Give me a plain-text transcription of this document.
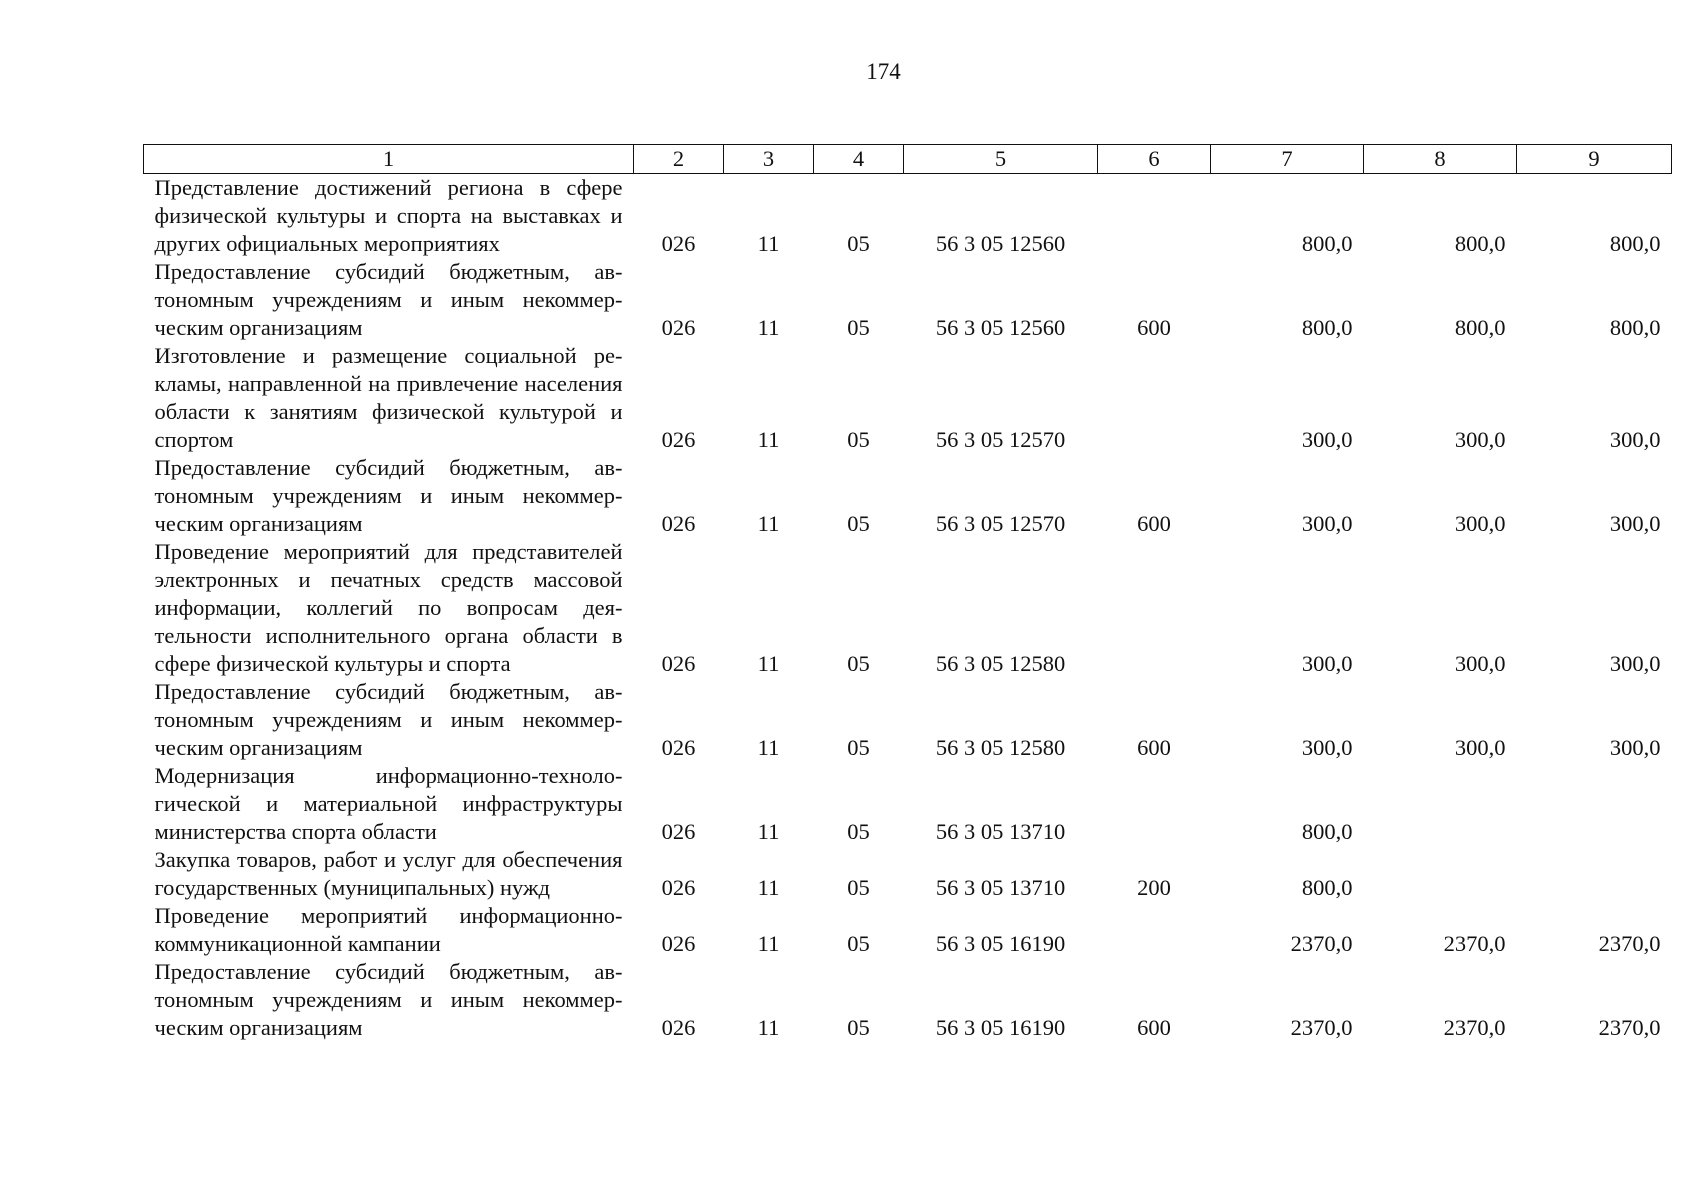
174
1	2	3	4	5	6	7	8	9
Представление достижений региона в сфере физической культуры и спорта на выставках и других официальных мероприятиях	026	11	05	56 3 05 12560		800,0	800,0	800,0
Предоставление субсидий бюджетным, автономным учреждениям и иным некоммерческим организациям	026	11	05	56 3 05 12560	600	800,0	800,0	800,0
Изготовление и размещение социальной рекламы, направленной на привлечение населения области к занятиям физической культурой и спортом	026	11	05	56 3 05 12570		300,0	300,0	300,0
Предоставление субсидий бюджетным, автономным учреждениям и иным некоммерческим организациям	026	11	05	56 3 05 12570	600	300,0	300,0	300,0
Проведение мероприятий для представителей электронных и печатных средств массовой информации, коллегий по вопросам деятельности исполнительного органа области в сфере физической культуры и спорта	026	11	05	56 3 05 12580		300,0	300,0	300,0
Предоставление субсидий бюджетным, автономным учреждениям и иным некоммерческим организациям	026	11	05	56 3 05 12580	600	300,0	300,0	300,0
Модернизация информационно-технологической и материальной инфраструктуры министерства спорта области	026	11	05	56 3 05 13710		800,0		
Закупка товаров, работ и услуг для обеспечения государственных (муниципальных) нужд	026	11	05	56 3 05 13710	200	800,0		
Проведение мероприятий информационно-коммуникационной кампании	026	11	05	56 3 05 16190		2370,0	2370,0	2370,0
Предоставление субсидий бюджетным, автономным учреждениям и иным некоммерческим организациям	026	11	05	56 3 05 16190	600	2370,0	2370,0	2370,0
